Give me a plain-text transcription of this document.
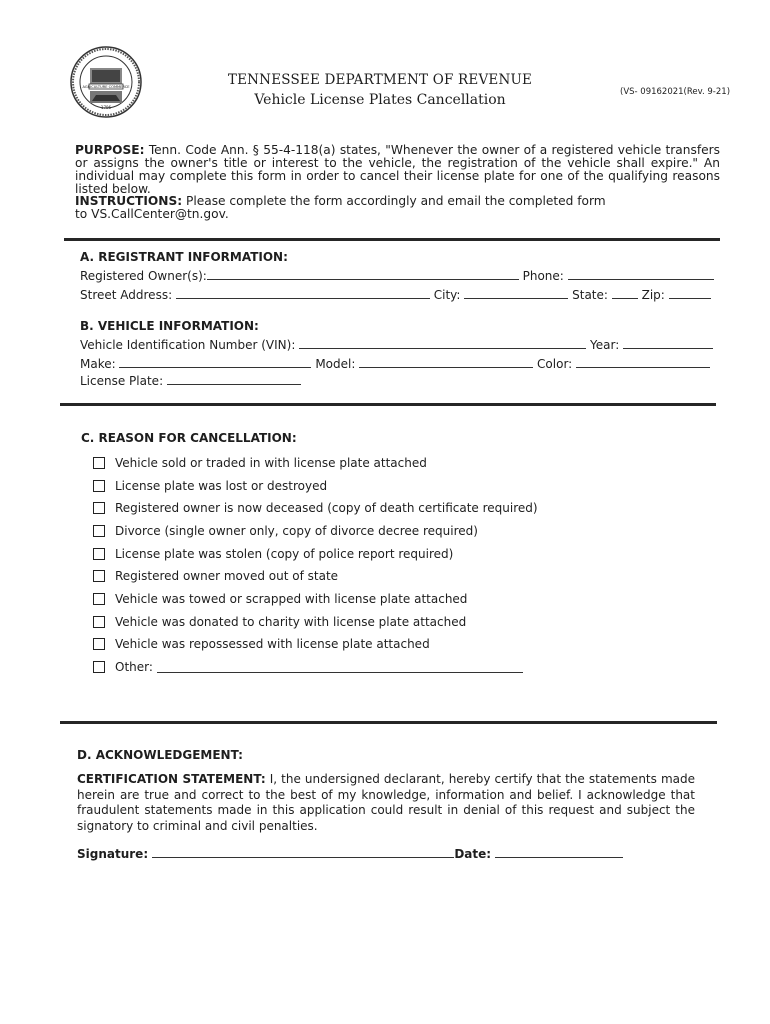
AGRICULTURE COMMERCE
1796
TENNESSEE DEPARTMENT OF REVENUE
Vehicle License Plates Cancellation	(VS- 09162021(Rev. 9-21)
PURPOSE: Tenn. Code Ann. § 55-4-118(a) states, "Whenever the owner of a registered vehicle transfers or assigns the owner's title or interest to the vehicle, the registration of the vehicle shall expire." An individual may complete this form in order to cancel their license plate for one of the qualifying reasons listed below.
INSTRUCTIONS: Please complete the form accordingly and email the completed form to VS.CallCenter@tn.gov.
A. REGISTRANT INFORMATION:
Registered Owner(s):	Phone:
Street Address:	City:	State:	Zip:
B. VEHICLE INFORMATION:
Vehicle Identification Number (VIN):	Year:
Make:	Model:	Color:
License Plate:
C. REASON FOR CANCELLATION:
Vehicle sold or traded in with license plate attached
License plate was lost or destroyed
Registered owner is now deceased (copy of death certificate required)
Divorce (single owner only, copy of divorce decree required)
License plate was stolen (copy of police report required)
Registered owner moved out of state
Vehicle was towed or scrapped with license plate attached
Vehicle was donated to charity with license plate attached
Vehicle was repossessed with license plate attached
Other:

D. ACKNOWLEDGEMENT:
CERTIFICATION STATEMENT: I, the undersigned declarant, hereby certify that the statements made herein are true and correct to the best of my knowledge, information and belief. I acknowledge that fraudulent statements made in this application could result in denial of this request and subject the signatory to criminal and civil penalties.
Signature:	Date:
